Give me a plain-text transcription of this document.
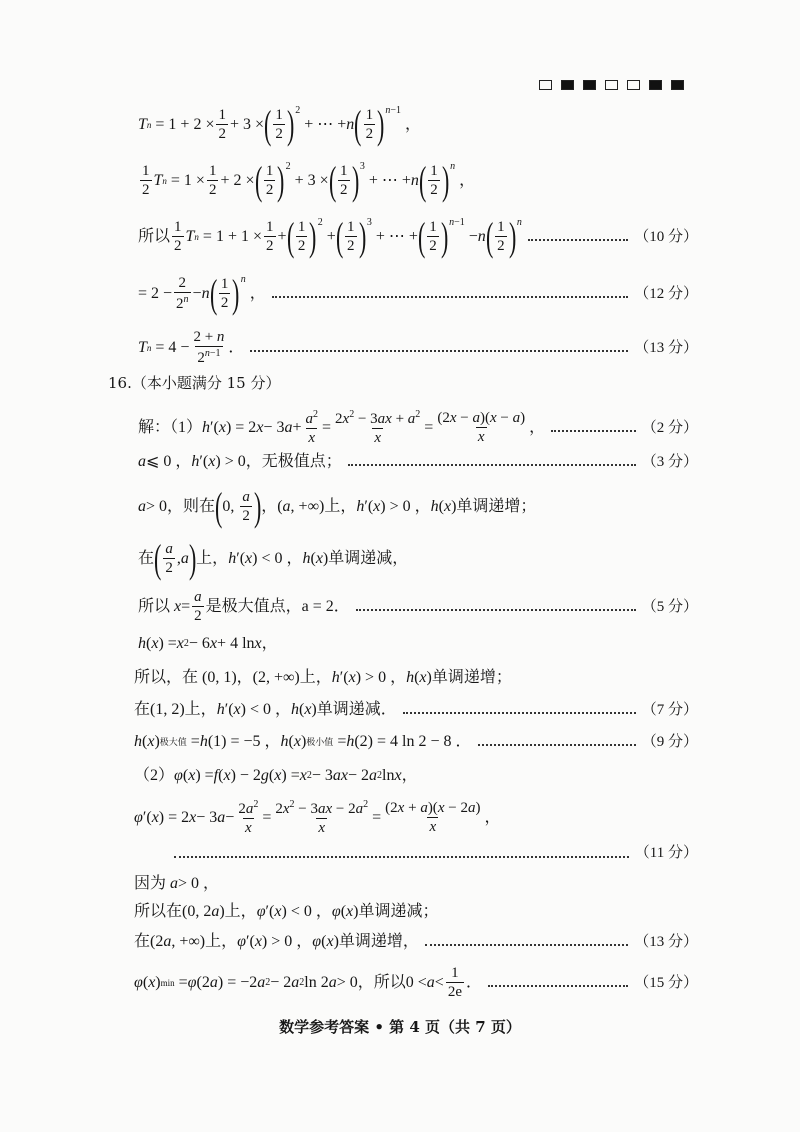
T $n = 1 + 2 \times \frac{1}{2} + 3$ × ( $\frac{1}{2} )^2$
+ ⋯ + n ( $\frac{1}{2}$ ) $^{n-1}$
，
$\frac{1}{2}$ T $n = 1 \times \frac{1}{2} + 2$ × ( $\frac{1}{2} )^2$
+ 3 × ( $\frac{1}{2} )^3$
+ ⋯ + n ( $\frac{1}{2}$ ) $^n$
，
所以 $\frac{1}{2}$ T $n = 1 + 1 \times \frac{1}{2}$ + ( $\frac{1}{2} )^2$
+ ( $\frac{1}{2} )^3$
+ ⋯ + ( $\frac{1}{2}$ ) $^{n-1}$
− n ( $\frac{1}{2}$ ) $^n$
（10 分）
= $2 - \frac{2}{2^n} - n$ ( $\frac{1}{2}$ ) $^n$
，	（12 分）
T $n = 4 - \frac{2 + n}{2^{n-1}}$ ．	（13 分）
16. （本小题满分 15 分）
解：（1） h ′( x ) = 2 x − 3 $a + \frac{a^2}{x} = \frac{2x^2 - 3ax + a^2}{x} = \frac{(2x - a)(x - a)}{x}$ ，	（2 分）
a ⩽ 0 ， h ′( x ) > 0 ，无极值点；	（3 分）
a > 0 ，则在 ( 0, $\frac{a}{2}$ ) ，( a , +∞) 上， h ′( x ) > 0 ， h ( x ) 单调递增；
在 ( $\frac{a}{2}$ , a ) 上， h ′( x ) < 0 ， h ( x ) 单调递减，
所以
$x = \frac{a}{2}$ 是极大值点， a = 2．	（5 分）
h ( x ) = x 2 − 6 x + 4 ln x ，
所以，在 (0, 1)，(2, +∞) 上， h ′( x ) > 0 ， h ( x ) 单调递增；
在 (1, 2) 上， h ′( x ) < 0 ， h ( x ) 单调递减．	（7 分）
h ( x ) 极大值 = h (1) = −5 ， h ( x ) 极小值 = h (2) = 4 ln 2 − 8 ．	（9 分）
（2） φ ( x ) = f ( x ) − 2 g ( x ) = x 2 − 3 ax − 2 a 2 ln x ，
φ ′( x ) = 2 x − 3 $a - \frac{2a^2}{x} = \frac{2x^2 - 3ax - 2a^2}{x} = \frac{(2x + a)(x - 2a)}{x}$ ，
（11 分）
因为
a > 0 ，
所以在 (0, 2 a ) 上， φ ′( x ) < 0 ， φ ( x ) 单调递减；
在 (2 a , +∞) 上， φ ′( x ) > 0 ， φ ( x ) 单调递增，	（13 分）
φ ( x ) min = φ (2 a ) = −2 a 2 − 2 a 2 ln 2 a > 0 ，所以 $0 < a < \frac{1}{2e}$ ．	（15 分）
数学参考答案 • 第 4 页（共 7 页）
